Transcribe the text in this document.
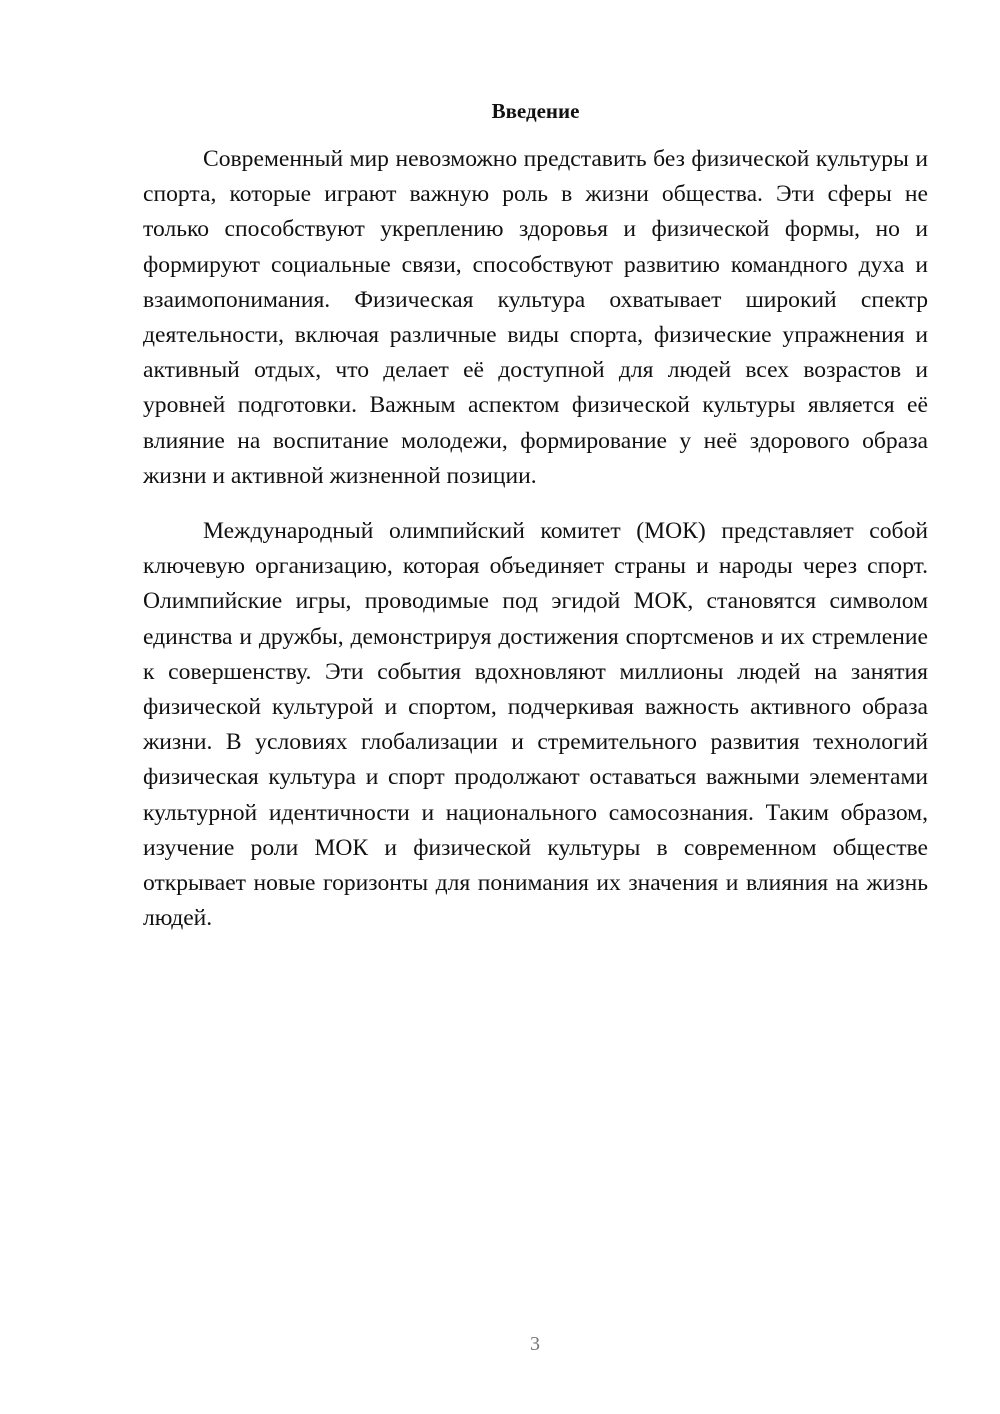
Введение

Современный мир невозможно представить без физической культуры и спорта, которые играют важную роль в жизни общества. Эти сферы не только способствуют укреплению здоровья и физической формы, но и формируют социальные связи, способствуют развитию командного духа и взаимопонимания. Физическая культура охватывает широкий спектр деятельности, включая различные виды спорта, физические упражнения и активный отдых, что делает её доступной для людей всех возрастов и уровней подготовки. Важным аспектом физической культуры является её влияние на воспитание молодежи, формирование у неё здорового образа жизни и активной жизненной позиции.

Международный олимпийский комитет (МОК) представляет собой ключевую организацию, которая объединяет страны и народы через спорт. Олимпийские игры, проводимые под эгидой МОК, становятся символом единства и дружбы, демонстрируя достижения спортсменов и их стремление к совершенству. Эти события вдохновляют миллионы людей на занятия физической культурой и спортом, подчеркивая важность активного образа жизни. В условиях глобализации и стремительного развития технологий физическая культура и спорт продолжают оставаться важными элементами культурной идентичности и национального самосознания. Таким образом, изучение роли МОК и физической культуры в современном обществе открывает новые горизонты для понимания их значения и влияния на жизнь людей.

3
